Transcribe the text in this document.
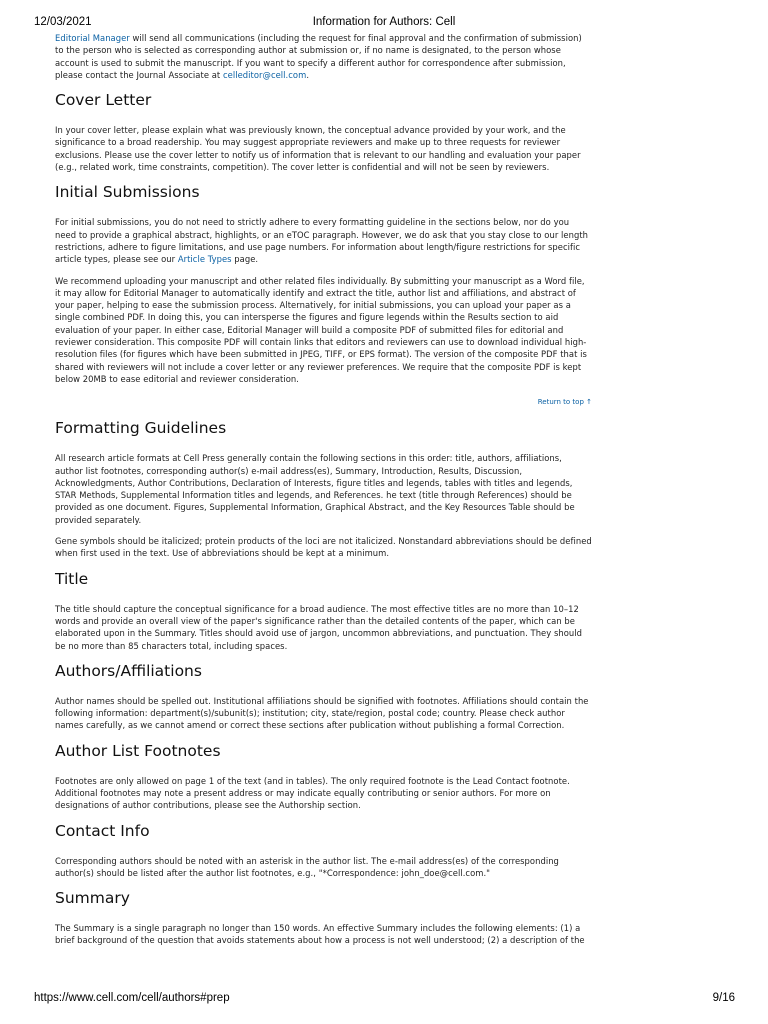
12/03/2021	Information for Authors: Cell

Editorial Manager will send all communications (including the request for final approval and the confirmation of submission) to the person who is selected as corresponding author at submission or, if no name is designated, to the person whose account is used to submit the manuscript. If you want to specify a different author for correspondence after submission, please contact the Journal Associate at celleditor@cell.com.

Cover Letter

In your cover letter, please explain what was previously known, the conceptual advance provided by your work, and the significance to a broad readership. You may suggest appropriate reviewers and make up to three requests for reviewer exclusions. Please use the cover letter to notify us of information that is relevant to our handling and evaluation your paper (e.g., related work, time constraints, competition). The cover letter is confidential and will not be seen by reviewers.

Initial Submissions

For initial submissions, you do not need to strictly adhere to every formatting guideline in the sections below, nor do you need to provide a graphical abstract, highlights, or an eTOC paragraph. However, we do ask that you stay close to our length restrictions, adhere to figure limitations, and use page numbers. For information about length/figure restrictions for specific article types, please see our Article Types page.

We recommend uploading your manuscript and other related files individually. By submitting your manuscript as a Word file, it may allow for Editorial Manager to automatically identify and extract the title, author list and affiliations, and abstract of your paper, helping to ease the submission process. Alternatively, for initial submissions, you can upload your paper as a single combined PDF. In doing this, you can intersperse the figures and figure legends within the Results section to aid evaluation of your paper. In either case, Editorial Manager will build a composite PDF of submitted files for editorial and reviewer consideration. This composite PDF will contain links that editors and reviewers can use to download individual high-resolution files (for figures which have been submitted in JPEG, TIFF, or EPS format). The version of the composite PDF that is shared with reviewers will not include a cover letter or any reviewer preferences. We require that the composite PDF is kept below 20MB to ease editorial and reviewer consideration.

Return to top ↑
Formatting Guidelines

All research article formats at Cell Press generally contain the following sections in this order: title, authors, affiliations, author list footnotes, corresponding author(s) e-mail address(es), Summary, Introduction, Results, Discussion, Acknowledgments, Author Contributions, Declaration of Interests, figure titles and legends, tables with titles and legends, STAR Methods, Supplemental Information titles and legends, and References. he text (title through References) should be provided as one document. Figures, Supplemental Information, Graphical Abstract, and the Key Resources Table should be provided separately.

Gene symbols should be italicized; protein products of the loci are not italicized. Nonstandard abbreviations should be defined when first used in the text. Use of abbreviations should be kept at a minimum.

Title

The title should capture the conceptual significance for a broad audience. The most effective titles are no more than 10–12 words and provide an overall view of the paper's significance rather than the detailed contents of the paper, which can be elaborated upon in the Summary. Titles should avoid use of jargon, uncommon abbreviations, and punctuation. They should be no more than 85 characters total, including spaces.

Authors/Affiliations

Author names should be spelled out. Institutional affiliations should be signified with footnotes. Affiliations should contain the following information: department(s)/subunit(s); institution; city, state/region, postal code; country. Please check author names carefully, as we cannot amend or correct these sections after publication without publishing a formal Correction.

Author List Footnotes

Footnotes are only allowed on page 1 of the text (and in tables). The only required footnote is the Lead Contact footnote. Additional footnotes may note a present address or may indicate equally contributing or senior authors. For more on designations of author contributions, please see the Authorship section.

Contact Info

Corresponding authors should be noted with an asterisk in the author list. The e-mail address(es) of the corresponding author(s) should be listed after the author list footnotes, e.g., "*Correspondence: john_doe@cell.com."

Summary

The Summary is a single paragraph no longer than 150 words. An effective Summary includes the following elements: (1) a brief background of the question that avoids statements about how a process is not well understood; (2) a description of the

https://www.cell.com/cell/authors#prep	9/16
